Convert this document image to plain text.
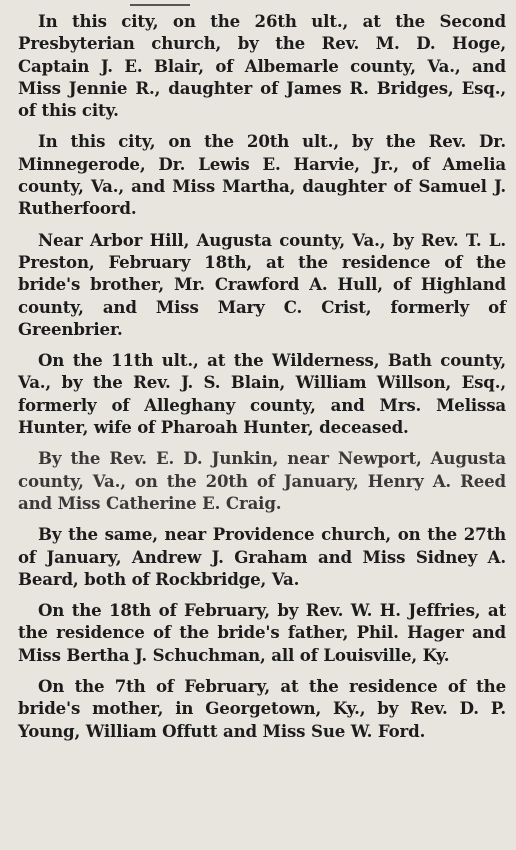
In this city, on the 26th ult., at the Second Presbyterian church, by the Rev. M. D. Hoge, Captain J. E. Blair, of Albemarle county, Va., and Miss Jennie R., daughter of James R. Bridges, Esq., of this city.

In this city, on the 20th ult., by the Rev. Dr. Minnegerode, Dr. Lewis E. Harvie, Jr., of Amelia county, Va., and Miss Martha, daughter of Samuel J. Rutherfoord.

Near Arbor Hill, Augusta county, Va., by Rev. T. L. Preston, February 18th, at the residence of the bride's brother, Mr. Crawford A. Hull, of Highland county, and Miss Mary C. Crist, formerly of Greenbrier.

On the 11th ult., at the Wilderness, Bath county, Va., by the Rev. J. S. Blain, William Willson, Esq., formerly of Alleghany county, and Mrs. Melissa Hunter, wife of Pharoah Hunter, deceased.

By the Rev. E. D. Junkin, near Newport, Augusta county, Va., on the 20th of January, Henry A. Reed and Miss Catherine E. Craig.

By the same, near Providence church, on the 27th of January, Andrew J. Graham and Miss Sidney A. Beard, both of Rockbridge, Va.

On the 18th of February, by Rev. W. H. Jeffries, at the residence of the bride's father, Phil. Hager and Miss Bertha J. Schuchman, all of Louisville, Ky.

On the 7th of February, at the residence of the bride's mother, in Georgetown, Ky., by Rev. D. P. Young, William Offutt and Miss Sue W. Ford.
